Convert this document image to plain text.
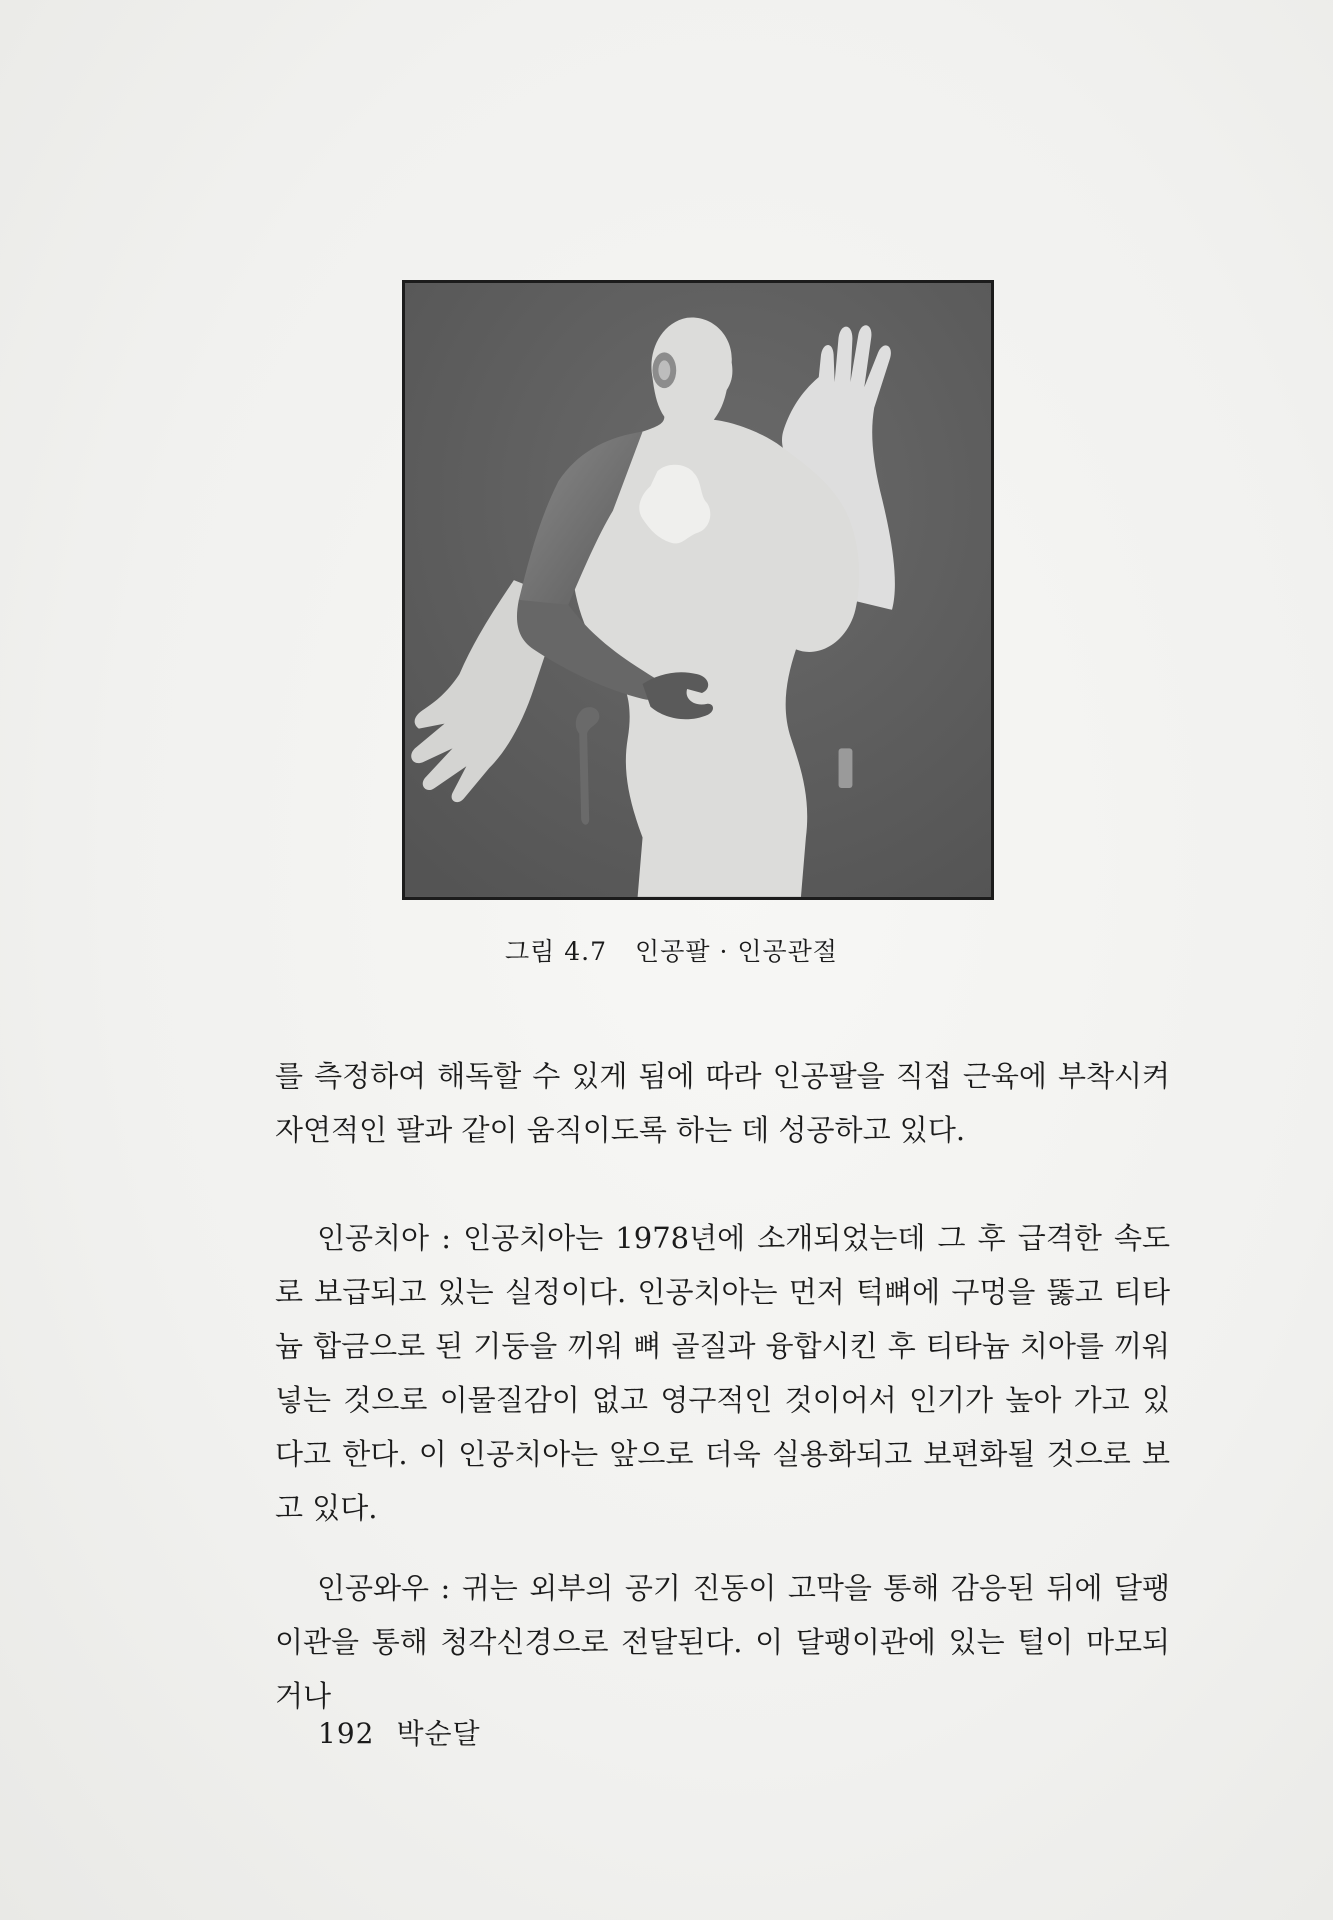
그림 4.7 인공팔 · 인공관절

를 측정하여 해독할 수 있게 됨에 따라 인공팔을 직접 근육에 부착시켜 자연적인 팔과 같이 움직이도록 하는 데 성공하고 있다.

인공치아 : 인공치아는 1978년에 소개되었는데 그 후 급격한 속도로 보급되고 있는 실정이다. 인공치아는 먼저 턱뼈에 구멍을 뚫고 티타늄 합금으로 된 기둥을 끼워 뼈 골질과 융합시킨 후 티타늄 치아를 끼워 넣는 것으로 이물질감이 없고 영구적인 것이어서 인기가 높아 가고 있다고 한다. 이 인공치아는 앞으로 더욱 실용화되고 보편화될 것으로 보고 있다.

인공와우 : 귀는 외부의 공기 진동이 고막을 통해 감응된 뒤에 달팽이관을 통해 청각신경으로 전달된다. 이 달팽이관에 있는 털이 마모되거나

192 박순달
